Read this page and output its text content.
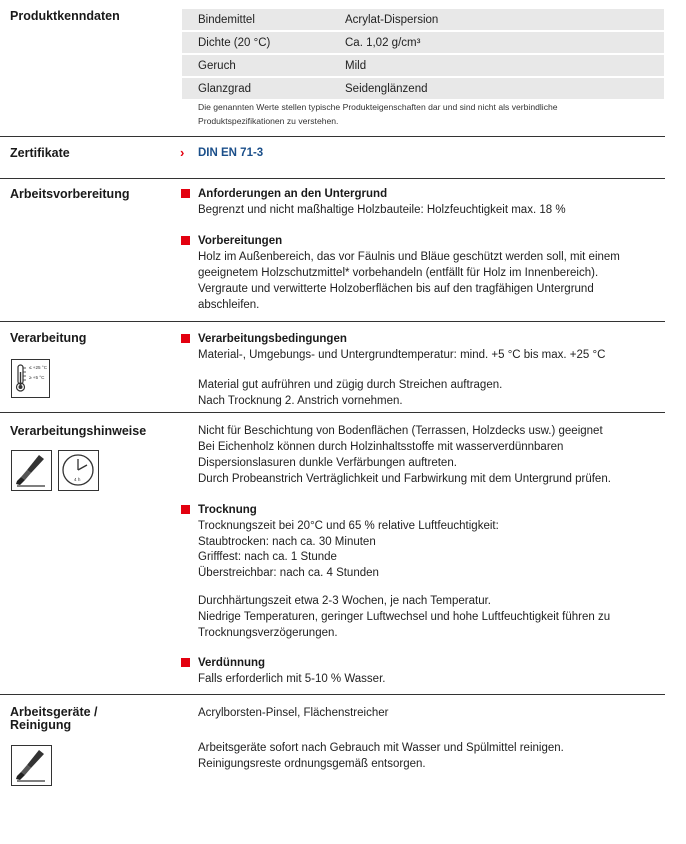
Produktkenndaten	Bindemittel	Acrylat-Dispersion
Dichte (20 °C)	Ca. 1,02 g/cm³
Geruch	Mild
Glanzgrad	Seidenglänzend
Die genannten Werte stellen typische Produkteigenschaften dar und sind nicht als verbindliche
Produktspezifikationen zu verstehen.
Zertifikate	› DIN EN 71-3
Arbeitsvorbereitung	Anforderungen an den Untergrund
Begrenzt und nicht maßhaltige Holzbauteile: Holzfeuchtigkeit max. 18 %
Vorbereitungen
Holz im Außenbereich, das vor Fäulnis und Bläue geschützt werden soll, mit einem
geeignetem Holzschutzmittel* vorbehandeln (entfällt für Holz im Innenbereich).
Vergraute und verwitterte Holzoberflächen bis auf den tragfähigen Untergrund
abschleifen.
Verarbeitung
≤ +25 °C
≥ +5 °C
Verarbeitungsbedingungen
Material-, Umgebungs- und Untergrundtemperatur: mind. +5 °C bis max. +25 °C
Material gut aufrühren und zügig durch Streichen auftragen.
Nach Trocknung 2. Anstrich vornehmen.
Verarbeitungshinweise
4 h
Nicht für Beschichtung von Bodenflächen (Terrassen, Holzdecks usw.) geeignet
Bei Eichenholz können durch Holzinhaltsstoffe mit wasserverdünnbaren
Dispersionslasuren dunkle Verfärbungen auftreten.
Durch Probeanstrich Verträglichkeit und Farbwirkung mit dem Untergrund prüfen.
Trocknung
Trocknungszeit bei 20°C und 65 % relative Luftfeuchtigkeit:
Staubtrocken: nach ca. 30 Minuten
Grifffest: nach ca. 1 Stunde
Überstreichbar: nach ca. 4 Stunden
Durchhärtungszeit etwa 2-3 Wochen, je nach Temperatur.
Niedrige Temperaturen, geringer Luftwechsel und hohe Luftfeuchtigkeit führen zu
Trocknungsverzögerungen.
Verdünnung
Falls erforderlich mit 5-10 % Wasser.
Arbeitsgeräte /
Reinigung
Acrylborsten-Pinsel, Flächenstreicher
Arbeitsgeräte sofort nach Gebrauch mit Wasser und Spülmittel reinigen.
Reinigungsreste ordnungsgemäß entsorgen.
